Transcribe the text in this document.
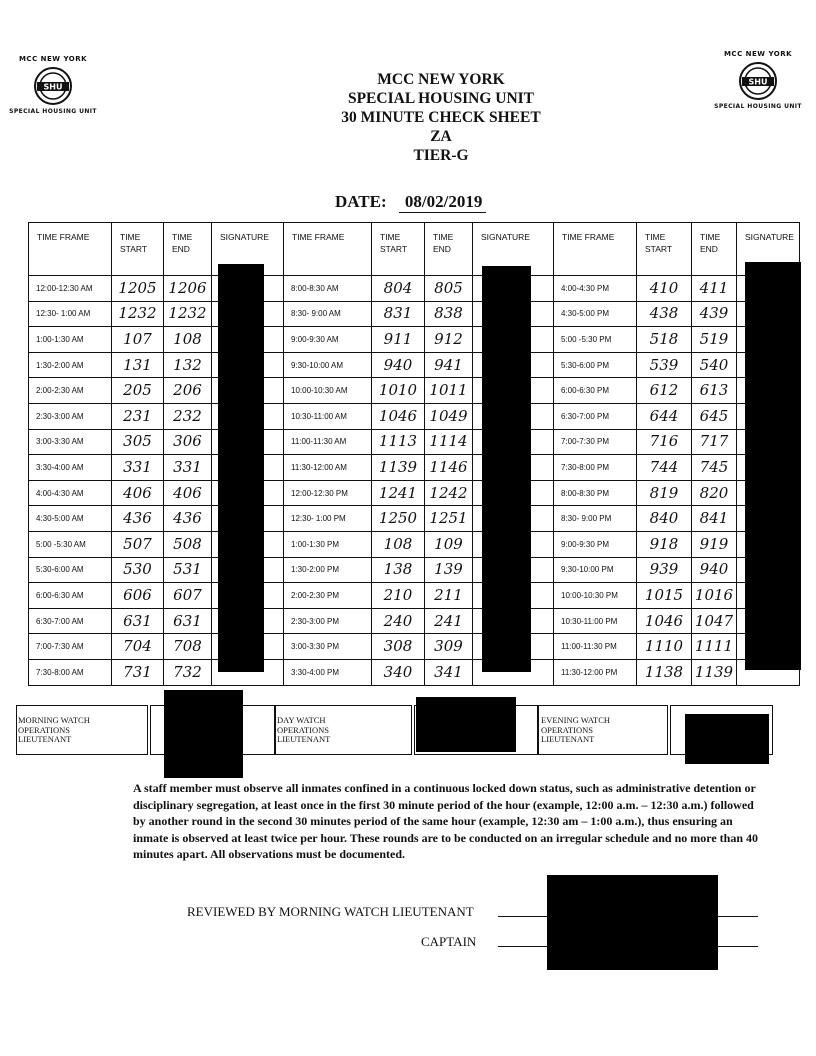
MCC NEW YORK
SHU
SPECIAL HOUSING UNIT
MCC NEW YORK
SHU
SPECIAL HOUSING UNIT
MCC NEW YORK
SPECIAL HOUSING UNIT
30 MINUTE CHECK SHEET
ZA
TIER-G
DATE: 08/02/2019
TIME FRAME	TIME START	TIME END	SIGNATURE	TIME FRAME	TIME START	TIME END	SIGNATURE	TIME FRAME	TIME START	TIME END	SIGNATURE
12:00-12:30 AM	1205	1206		8:00-8:30 AM	804	805		4:00-4:30 PM	410	411	
12:30- 1:00 AM	1232	1232		8:30- 9:00 AM	831	838		4:30-5:00 PM	438	439	
1:00-1:30 AM	107	108		9:00-9:30 AM	911	912		5:00 -5:30 PM	518	519	
1:30-2:00 AM	131	132		9:30-10:00 AM	940	941		5:30-6:00 PM	539	540	
2:00-2:30 AM	205	206		10:00-10:30 AM	1010	1011		6:00-6:30 PM	612	613	
2:30-3:00 AM	231	232		10:30-11:00 AM	1046	1049		6:30-7:00 PM	644	645	
3:00-3:30 AM	305	306		11:00-11:30 AM	1113	1114		7:00-7:30 PM	716	717	
3:30-4:00 AM	331	331		11:30-12:00 AM	1139	1146		7:30-8:00 PM	744	745	
4:00-4:30 AM	406	406		12:00-12:30 PM	1241	1242		8:00-8:30 PM	819	820	
4:30-5:00 AM	436	436		12:30- 1:00 PM	1250	1251		8:30- 9:00 PM	840	841	
5:00 -5:30 AM	507	508		1:00-1:30 PM	108	109		9:00-9:30 PM	918	919	
5:30-6:00 AM	530	531		1:30-2:00 PM	138	139		9:30-10:00 PM	939	940	
6:00-6:30 AM	606	607		2:00-2:30 PM	210	211		10:00-10:30 PM	1015	1016	
6:30-7:00 AM	631	631		2:30-3:00 PM	240	241		10:30-11:00 PM	1046	1047	
7:00-7:30 AM	704	708		3:00-3:30 PM	308	309		11:00-11:30 PM	1110	1111	
7:30-8:00 AM	731	732		3:30-4:00 PM	340	341		11:30-12:00 PM	1138	1139	
MORNING WATCH
OPERATIONS
LIEUTENANT
DAY WATCH
OPERATIONS
LIEUTENANT
EVENING WATCH
OPERATIONS
LIEUTENANT
A staff member must observe all inmates confined in a continuous locked down status, such as administrative detention or disciplinary segregation, at least once in the first 30 minute period of the hour (example, 12:00 a.m. – 12:30 a.m.) followed by another round in the second 30 minutes period of the same hour (example, 12:30 am – 1:00 a.m.), thus ensuring an inmate is observed at least twice per hour. These rounds are to be conducted on an irregular schedule and no more than 40 minutes apart. All observations must be documented.
REVIEWED BY MORNING WATCH LIEUTENANT
CAPTAIN
